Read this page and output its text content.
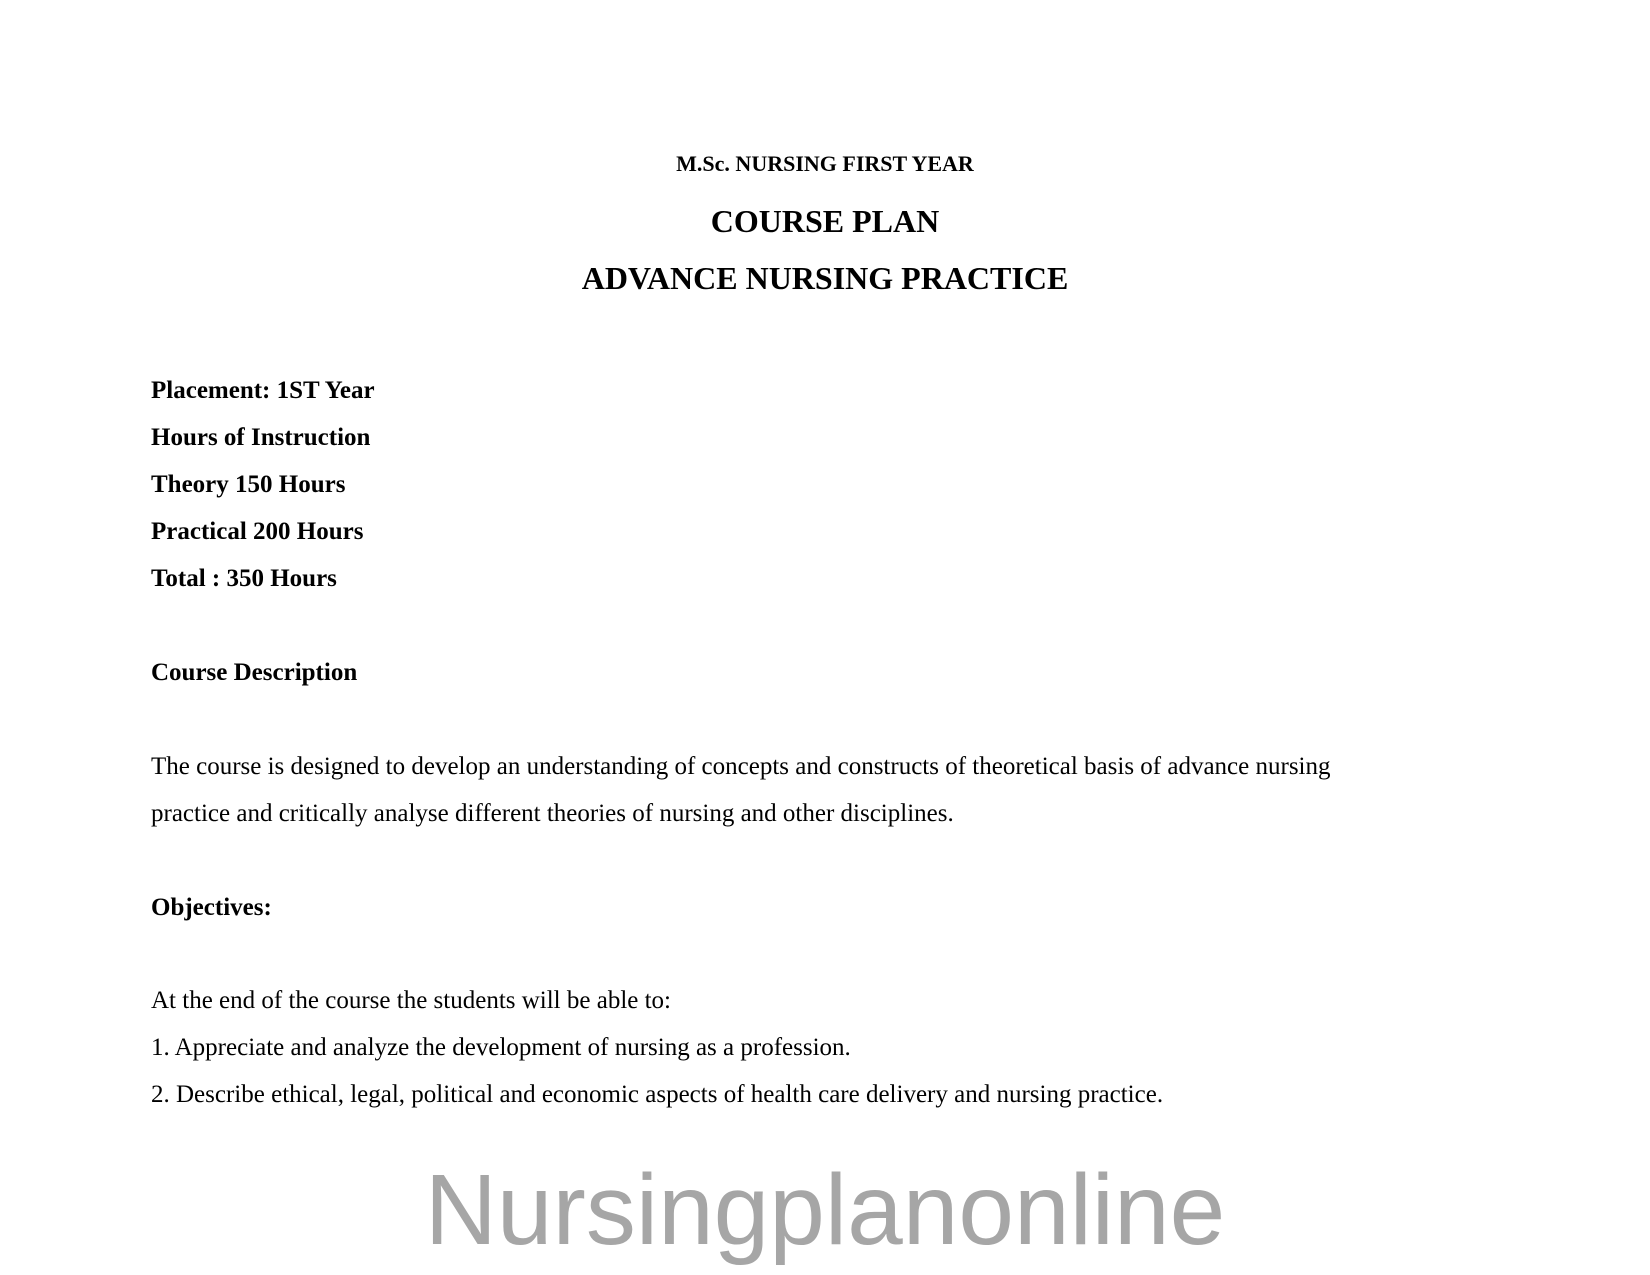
M.Sc. NURSING FIRST YEAR
COURSE PLAN
ADVANCE NURSING PRACTICE
Placement: 1ST Year
Hours of Instruction
Theory 150 Hours
Practical 200 Hours
Total : 350 Hours
Course Description
The course is designed to develop an understanding of concepts and constructs of theoretical basis of advance nursing
practice and critically analyse different theories of nursing and other disciplines.
Objectives:
At the end of the course the students will be able to:
1. Appreciate and analyze the development of nursing as a profession.
2. Describe ethical, legal, political and economic aspects of health care delivery and nursing practice.
Nursingplanonline
